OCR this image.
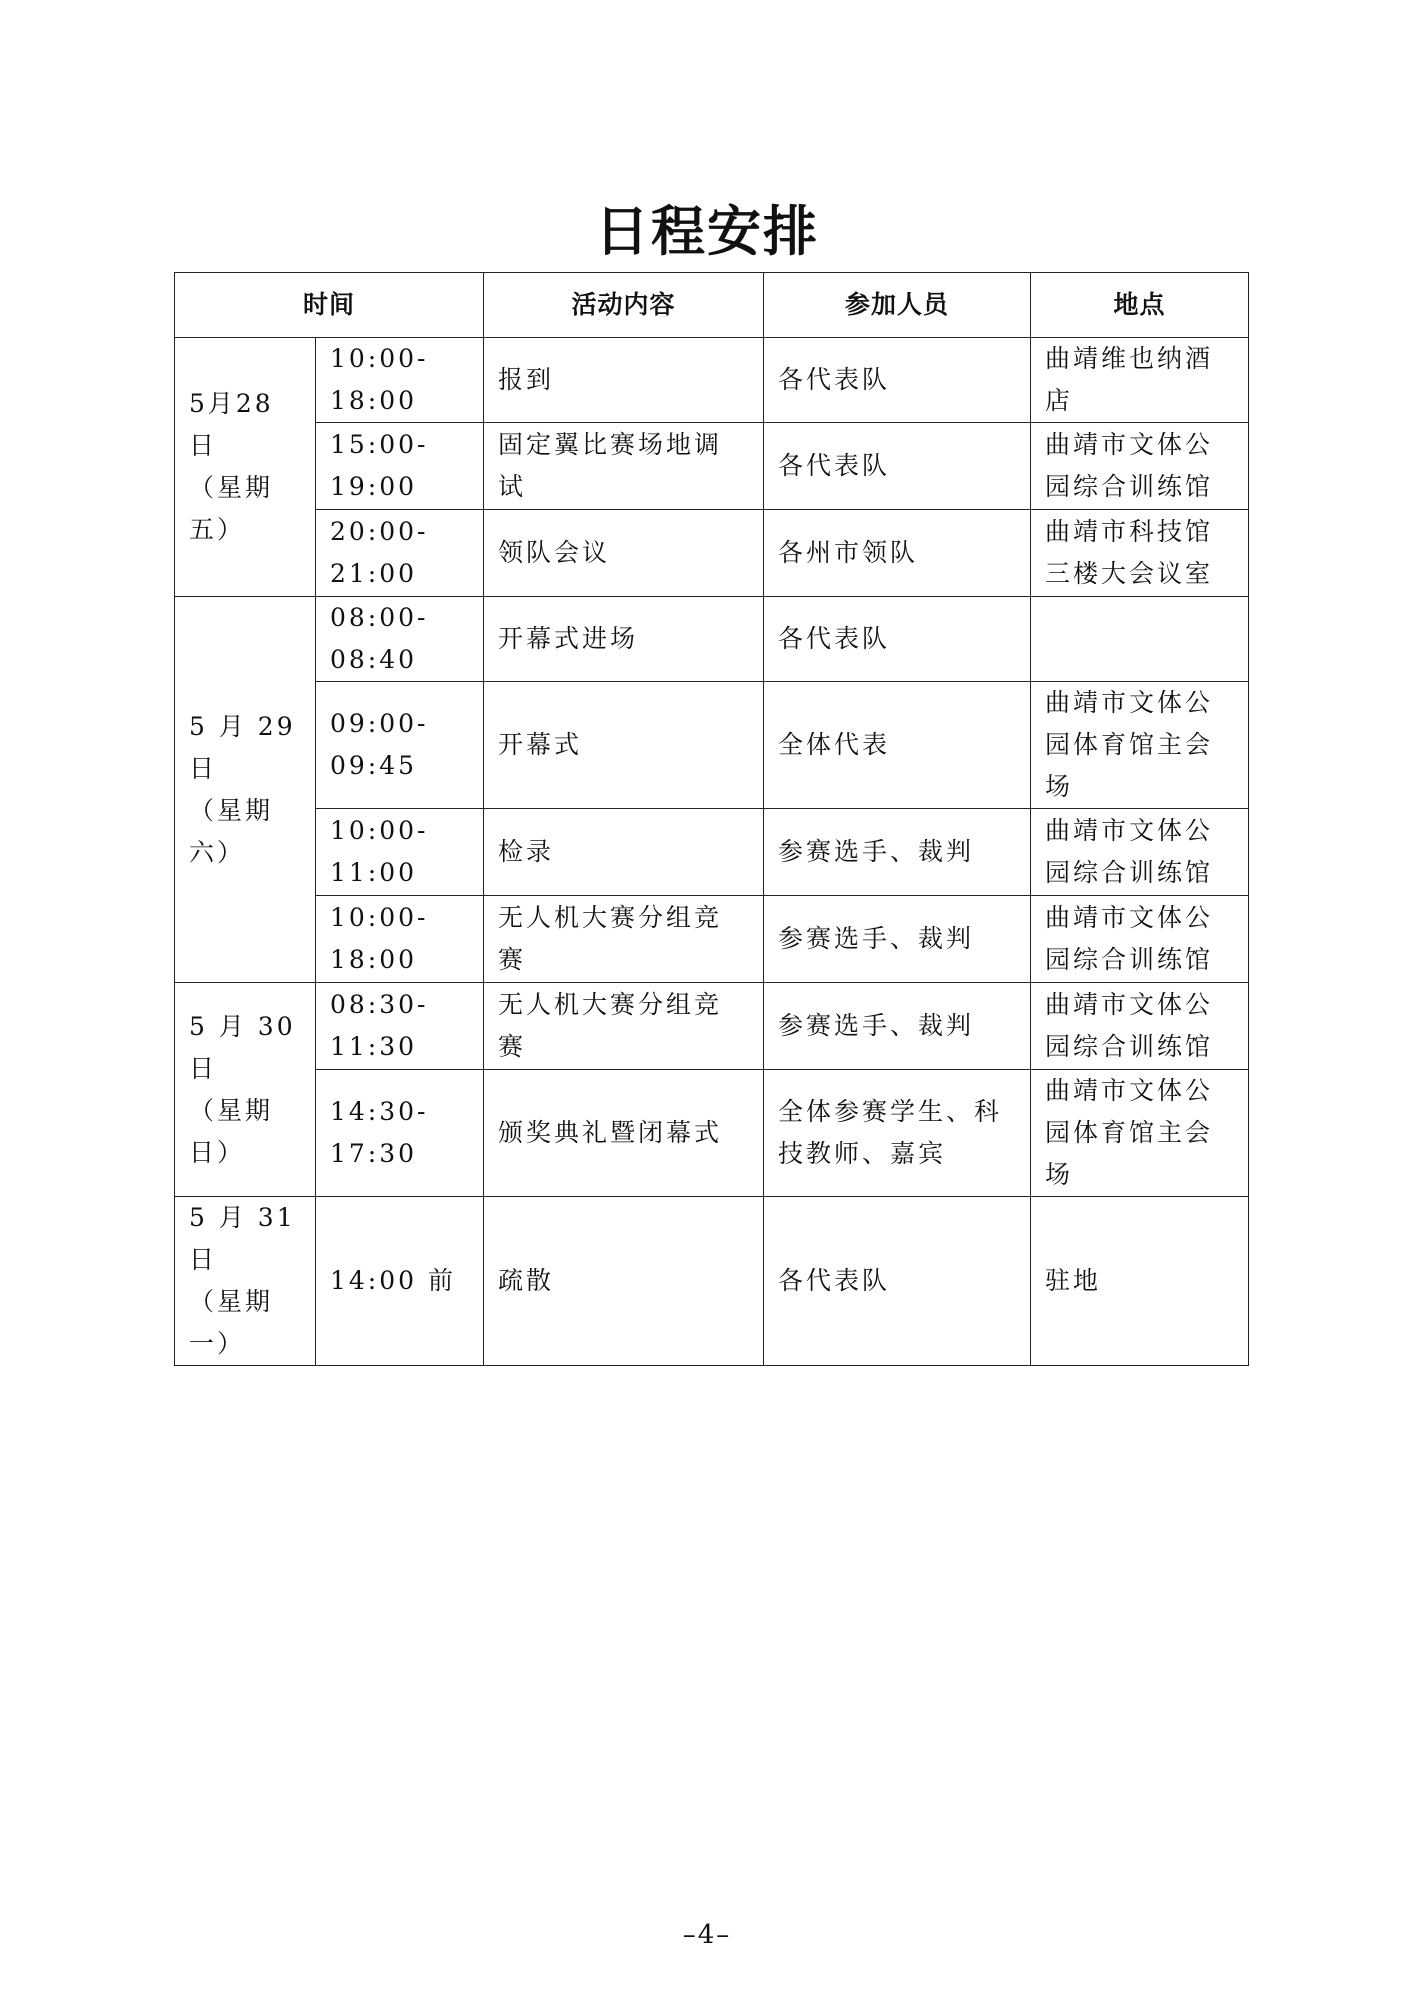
日程安排
时间		活动内容	参加人员	地点
5月28日
（星期五）	10:00-18:00	报到	各代表队	曲靖维也纳酒店
	15:00-19:00	固定翼比赛场地调试	各代表队	曲靖市文体公园综合训练馆
	20:00-21:00	领队会议	各州市领队	曲靖市科技馆三楼大会议室
5 月 29 日
（星期六）	08:00-08:40	开幕式进场	各代表队	
	09:00-09:45	开幕式	全体代表	曲靖市文体公园体育馆主会场
	10:00-11:00	检录	参赛选手、裁判	曲靖市文体公园综合训练馆
	10:00-18:00	无人机大赛分组竞赛	参赛选手、裁判	曲靖市文体公园综合训练馆
5 月 30 日
（星期日）	08:30-11:30	无人机大赛分组竞赛	参赛选手、裁判	曲靖市文体公园综合训练馆
	14:30-17:30	颁奖典礼暨闭幕式	全体参赛学生、科技教师、嘉宾	曲靖市文体公园体育馆主会场
5 月 31 日
（星期一）	14:00 前	疏散	各代表队	驻地
–4–
